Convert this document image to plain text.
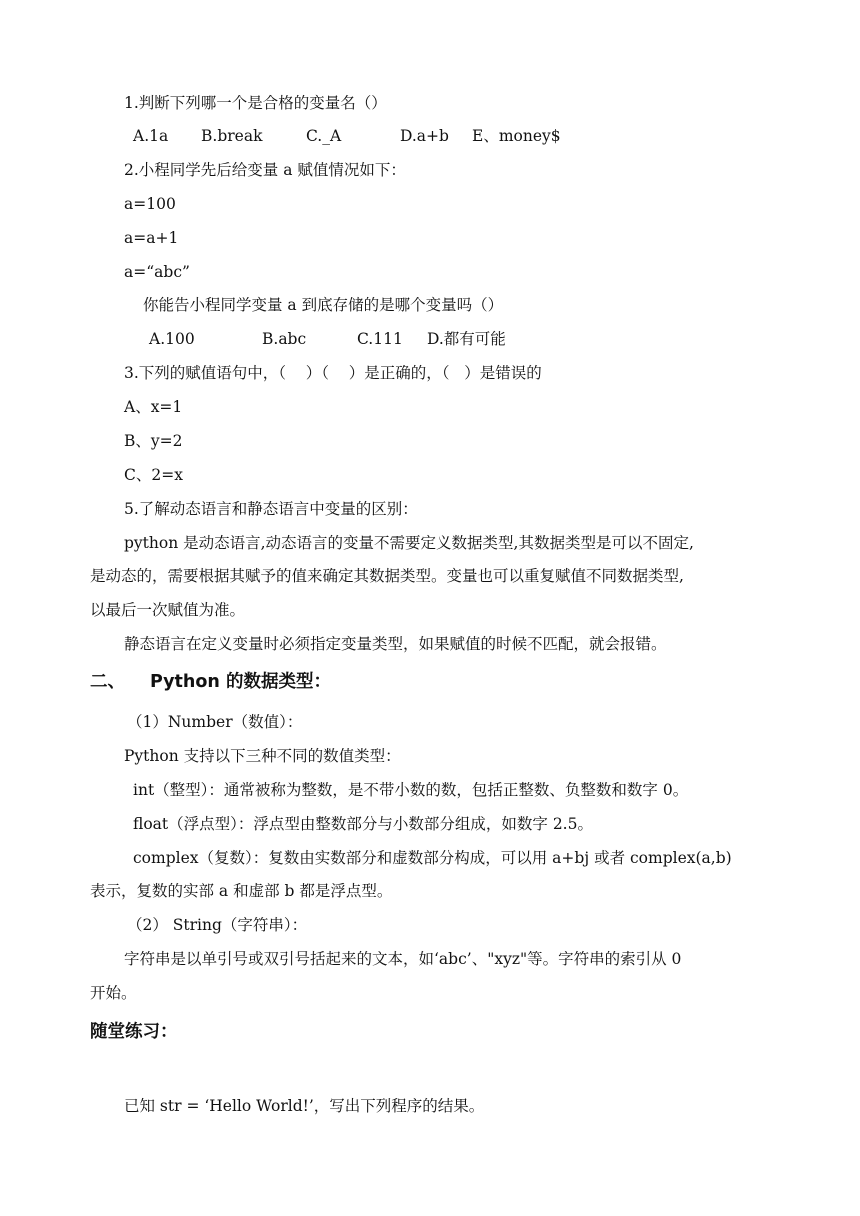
1.判断下列哪一个是合格的变量名（）
A.1a B.break	C._A	D.a+b E、money$
2.小程同学先后给变量 a 赋值情况如下：
a=100
a=a+1
a=“abc”
你能告小程同学变量 a 到底存储的是哪个变量吗（）
A.100	B.abc	C.111 D.都有可能
3.下列的赋值语句中，（    ）（    ）是正确的，（   ）是错误的
A、x=1
B、y=2
C、2=x
5.了解动态语言和静态语言中变量的区别：
python 是动态语言,动态语言的变量不需要定义数据类型,其数据类型是可以不固定,
是动态的，需要根据其赋予的值来确定其数据类型。变量也可以重复赋值不同数据类型,
以最后一次赋值为准。
静态语言在定义变量时必须指定变量类型，如果赋值的时候不匹配，就会报错。
二、 Python 的数据类型：
（1）Number（数值）：
Python 支持以下三种不同的数值类型：
int（整型）：通常被称为整数，是不带小数的数，包括正整数、负整数和数字 0。
float（浮点型）：浮点型由整数部分与小数部分组成，如数字 2.5。
complex（复数）：复数由实数部分和虚数部分构成，可以用 a+bj 或者 complex(a,b)
表示，复数的实部 a 和虚部 b 都是浮点型。
（2） String（字符串）：
字符串是以单引号或双引号括起来的文本，如‘abc’、"xyz"等。字符串的索引从 0
开始。
随堂练习：
已知 str = ‘Hello World!’，写出下列程序的结果。
